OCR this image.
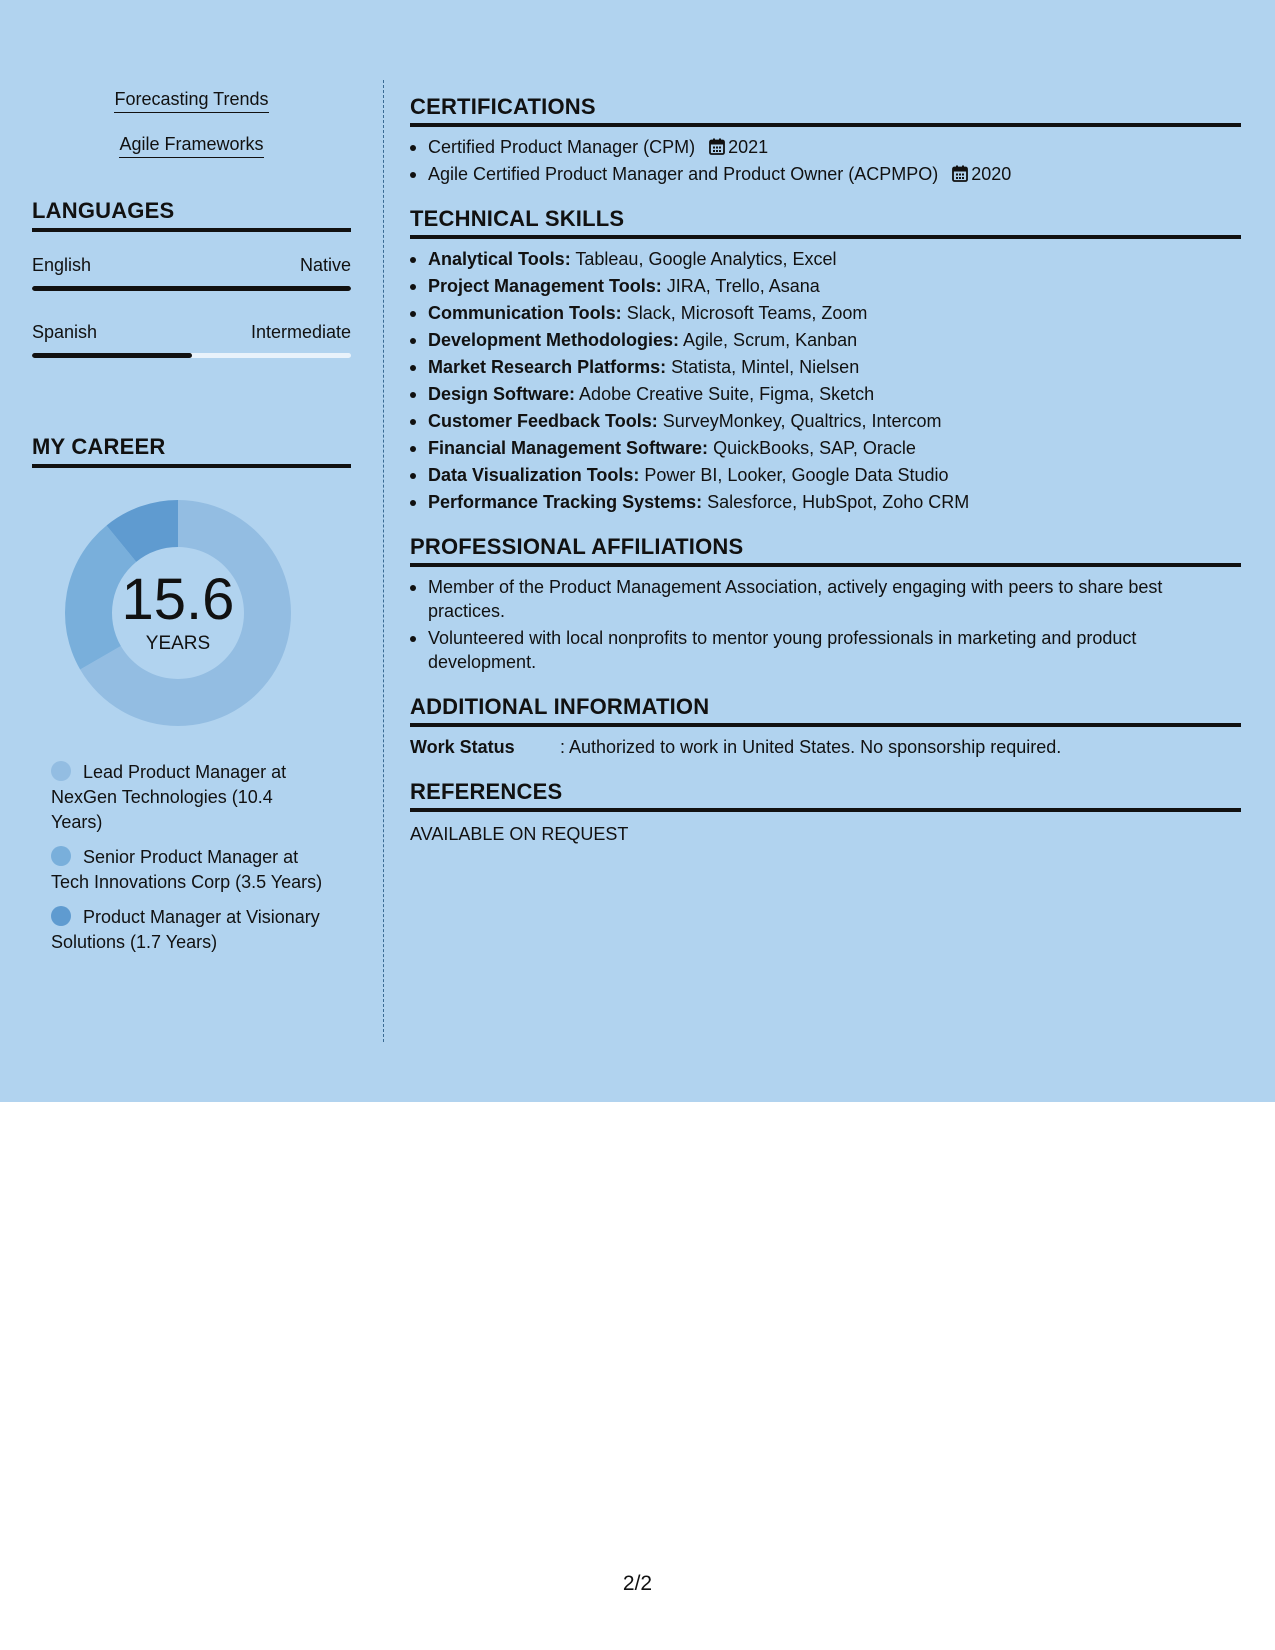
Forecasting Trends
Agile Frameworks
LANGUAGES
English	Native
Spanish	Intermediate
MY CAREER
15.6
YEARS
Lead Product Manager at NexGen Technologies (10.4 Years)
Senior Product Manager at Tech Innovations Corp (3.5 Years)
Product Manager at Visionary Solutions (1.7 Years)
CERTIFICATIONS
Certified Product Manager (CPM) 2021
Agile Certified Product Manager and Product Owner (ACPMPO) 2020
TECHNICAL SKILLS
Analytical Tools: Tableau, Google Analytics, Excel
Project Management Tools: JIRA, Trello, Asana
Communication Tools: Slack, Microsoft Teams, Zoom
Development Methodologies: Agile, Scrum, Kanban
Market Research Platforms: Statista, Mintel, Nielsen
Design Software: Adobe Creative Suite, Figma, Sketch
Customer Feedback Tools: SurveyMonkey, Qualtrics, Intercom
Financial Management Software: QuickBooks, SAP, Oracle
Data Visualization Tools: Power BI, Looker, Google Data Studio
Performance Tracking Systems: Salesforce, HubSpot, Zoho CRM
PROFESSIONAL AFFILIATIONS
Member of the Product Management Association, actively engaging with peers to share best practices.
Volunteered with local nonprofits to mentor young professionals in marketing and product development.
ADDITIONAL INFORMATION
Work Status	: Authorized to work in United States. No sponsorship required.
REFERENCES
AVAILABLE ON REQUEST
2/2
